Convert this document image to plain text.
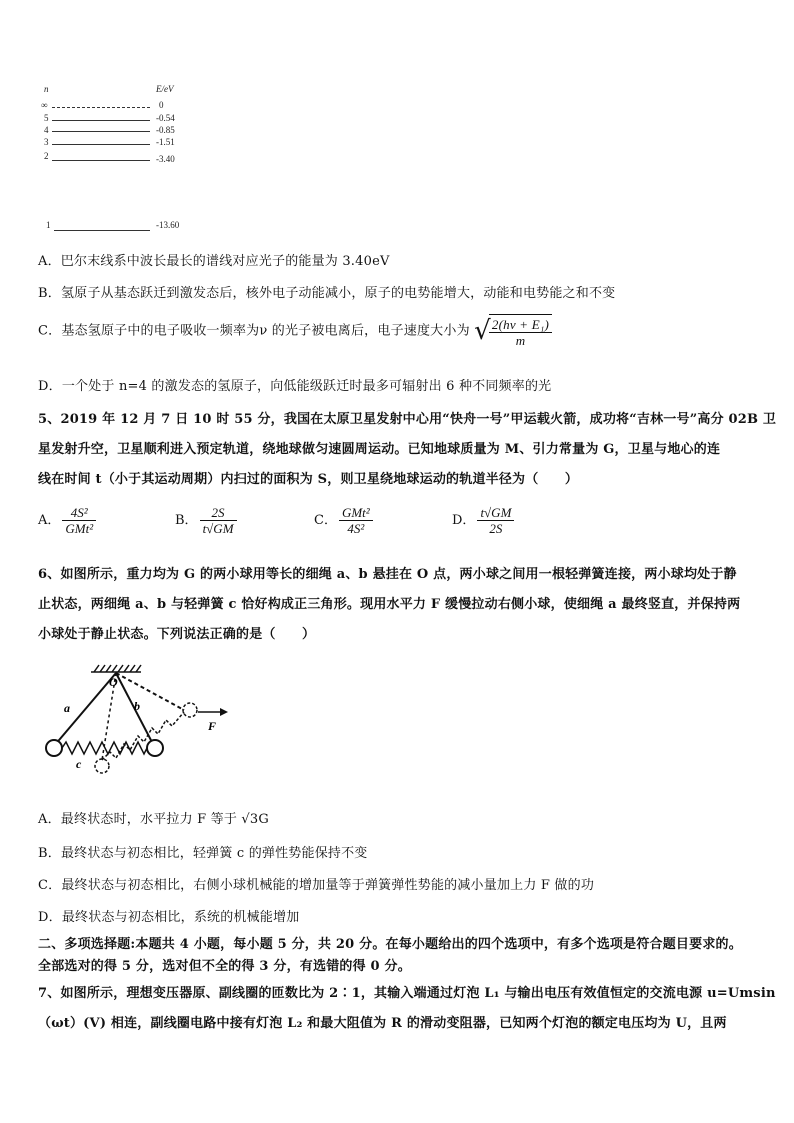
n	E/eV
∞	0
5	-0.54
4	-0.85
3	-1.51
2	-3.40
1	-13.60
A．巴尔末线系中波长最长的谱线对应光子的能量为 3.40eV
B．氢原子从基态跃迁到激发态后，核外电子动能减小，原子的电势能增大，动能和电势能之和不变
C．基态氢原子中的电子吸收一频率为ν 的光子被电离后，电子速度大小为 √
$\frac{\text{2(hν + E₁)}}{m}$
D．一个处于 n=4 的激发态的氢原子，向低能级跃迁时最多可辐射出 6 种不同频率的光
5、2019 年 12 月 7 日 10 时 55 分，我国在太原卫星发射中心用“快舟一号”甲运载火箭，成功将“吉林一号”高分 02B 卫
星发射升空，卫星顺利进入预定轨道，绕地球做匀速圆周运动。已知地球质量为 M、引力常量为 G，卫星与地心的连
线在时间 t（小于其运动周期）内扫过的面积为 S，则卫星绕地球运动的轨道半径为（　　）
A． $\frac{\text{4S²}}{\text{GMt²}}$	B． $\frac{2S}{t√GM}$	C． $\frac{\text{GMt²}}{\text{4S²}}$	D． $\frac{t√GM}{2S}$
6、如图所示，重力均为 G 的两小球用等长的细绳 a、b 悬挂在 O 点，两小球之间用一根轻弹簧连接，两小球均处于静
止状态，两细绳 a、b 与轻弹簧 c 恰好构成正三角形。现用水平力 F 缓慢拉动右侧小球，使细绳 a 最终竖直，并保持两
小球处于静止状态。下列说法正确的是（　　）
O
a	b
c
F
A．最终状态时，水平拉力 F 等于 √3G
B．最终状态与初态相比，轻弹簧 c 的弹性势能保持不变
C．最终状态与初态相比，右侧小球机械能的增加量等于弹簧弹性势能的减小量加上力 F 做的功
D．最终状态与初态相比，系统的机械能增加
二、多项选择题:本题共 4 小题，每小题 5 分，共 20 分。在每小题给出的四个选项中，有多个选项是符合题目要求的。
全部选对的得 5 分，选对但不全的得 3 分，有选错的得 0 分。
7、如图所示，理想变压器原、副线圈的匝数比为 2∶1，其输入端通过灯泡 L₁ 与输出电压有效值恒定的交流电源 u=Umsin
（ωt）(V) 相连，副线圈电路中接有灯泡 L₂ 和最大阻值为 R 的滑动变阻器，已知两个灯泡的额定电压均为 U，且两
